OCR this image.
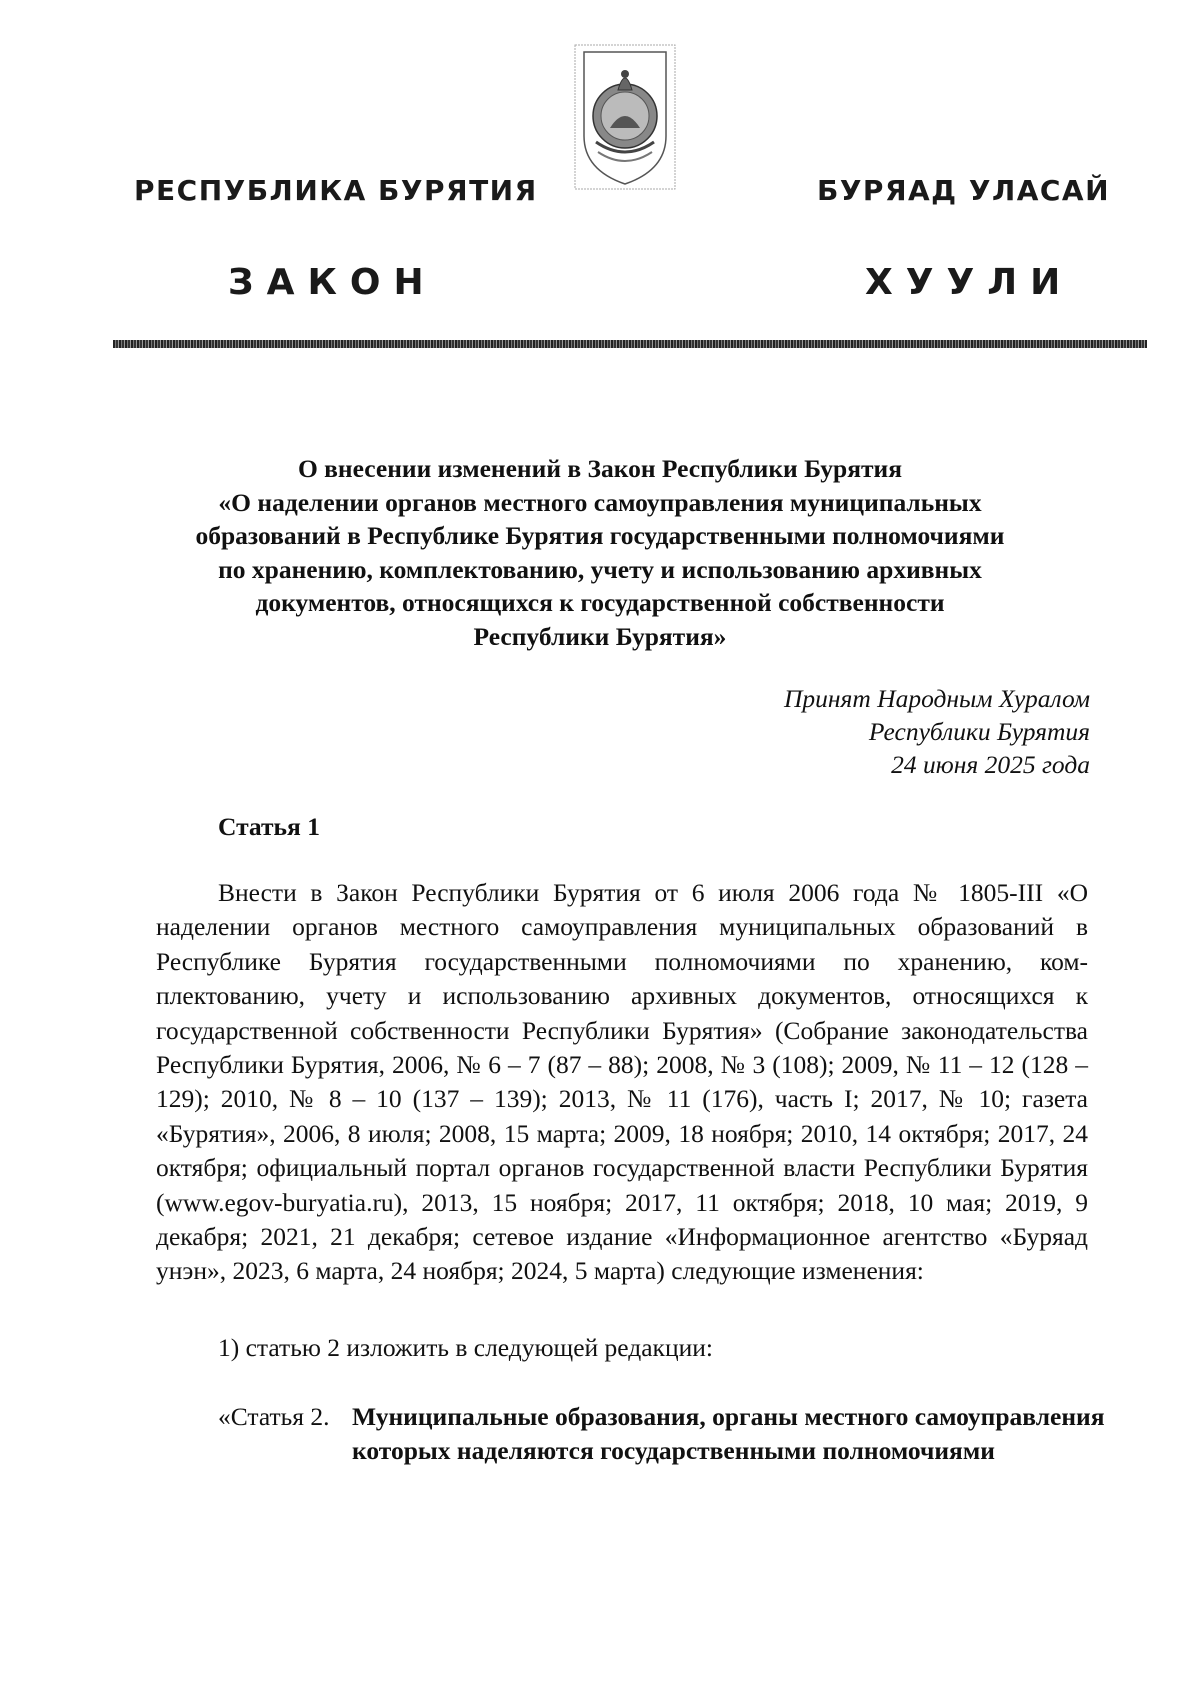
РЕСПУБЛИКА БУРЯТИЯ	БУРЯАД УЛАСАЙ
ЗАКОН	ХУУЛИ
О внесении изменений в Закон Республики Бурятия
«О наделении органов местного самоуправления муниципальных
образований в Республике Бурятия государственными полномочиями
по хранению, комплектованию, учету и использованию архивных
документов, относящихся к государственной собственности
Республики Бурятия»
Принят Народным Хуралом
Республики Бурятия
24 июня 2025 года
Статья 1
Внести в Закон Республики Бурятия от 6 июля 2006 года № 1805-III «О наделении органов местного самоуправления муниципальных образований в Республике Бурятия государственными полномочиями по хранению, комплектованию, учету и использованию архивных документов, относящихся к государственной собственности Республики Бурятия» (Собрание законодательства Республики Бурятия, 2006, № 6 – 7 (87 – 88); 2008, № 3 (108); 2009, № 11 – 12 (128 – 129); 2010, № 8 – 10 (137 – 139); 2013, № 11 (176), часть I; 2017, № 10; газета «Бурятия», 2006, 8 июля; 2008, 15 марта; 2009, 18 ноября; 2010, 14 октября; 2017, 24 октября; официальный портал органов государственной власти Республики Бурятия (www.egov-buryatia.ru), 2013, 15 ноября; 2017, 11 октября; 2018, 10 мая; 2019, 9 декабря; 2021, 21 декабря; сетевое издание «Информационное агентство «Буряад унэн», 2023, 6 марта, 24 ноября; 2024, 5 марта) следующие изменения:
1) статью 2 изложить в следующей редакции:
«Статья 2. Муниципальные образования, органы местного самоуправления которых наделяются государственными полномочиями
